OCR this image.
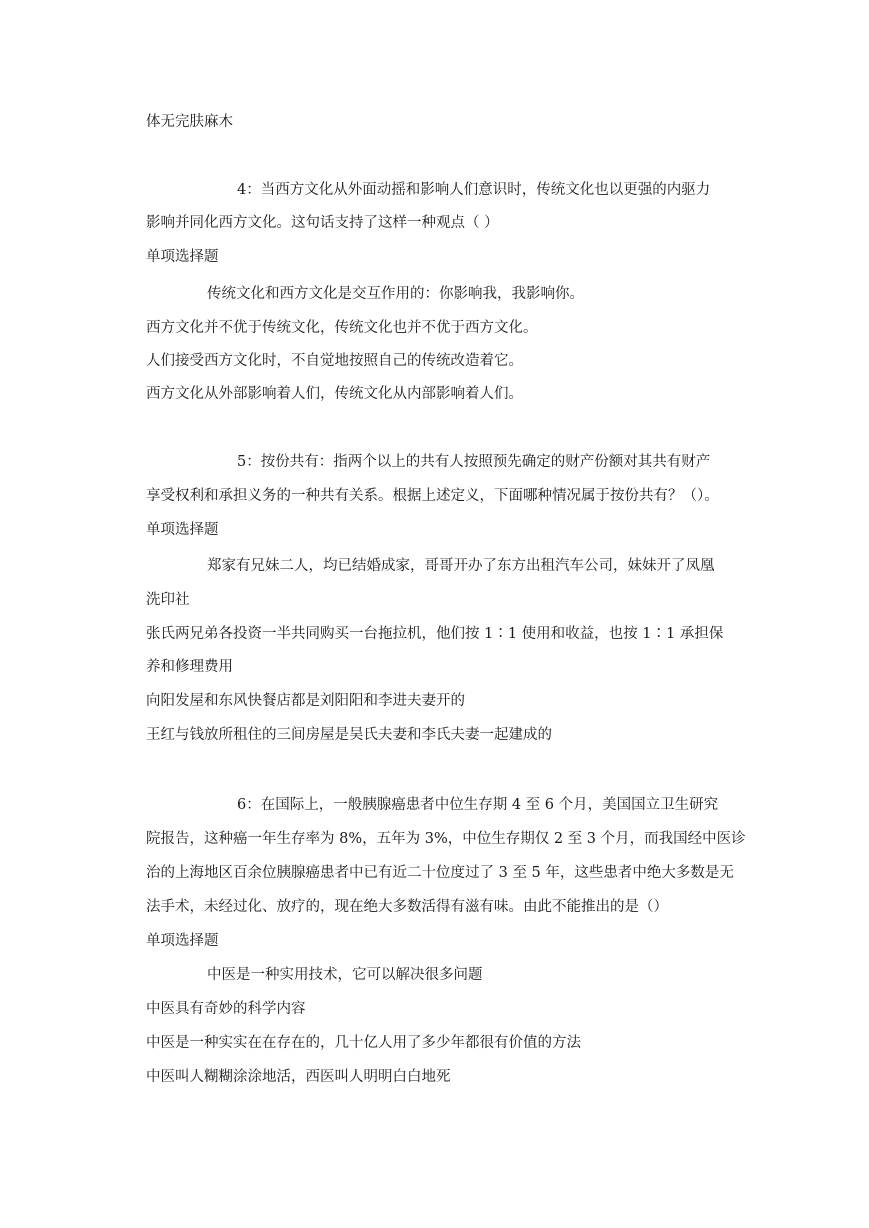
体无完肤麻木
4：当西方文化从外面动摇和影响人们意识时，传统文化也以更强的内驱力
影响并同化西方文化。这句话支持了这样一种观点（ ）
单项选择题
传统文化和西方文化是交互作用的：你影响我，我影响你。
西方文化并不优于传统文化，传统文化也并不优于西方文化。
人们接受西方文化时，不自觉地按照自己的传统改造着它。
西方文化从外部影响着人们，传统文化从内部影响着人们。
5：按份共有：指两个以上的共有人按照预先确定的财产份额对其共有财产
享受权利和承担义务的一种共有关系。根据上述定义，下面哪种情况属于按份共有？（）。
单项选择题
郑家有兄妹二人，均已结婚成家，哥哥开办了东方出租汽车公司，妹妹开了凤凰
洗印社
张氏两兄弟各投资一半共同购买一台拖拉机，他们按 1∶1 使用和收益，也按 1∶1 承担保
养和修理费用
向阳发屋和东风快餐店都是刘阳阳和李进夫妻开的
王红与钱放所租住的三间房屋是吴氏夫妻和李氏夫妻一起建成的
6：在国际上，一般胰腺癌患者中位生存期 4 至 6 个月，美国国立卫生研究
院报告，这种癌一年生存率为 8%，五年为 3%，中位生存期仅 2 至 3 个月，而我国经中医诊
治的上海地区百余位胰腺癌患者中已有近二十位度过了 3 至 5 年，这些患者中绝大多数是无
法手术，未经过化、放疗的，现在绝大多数活得有滋有味。由此不能推出的是（）
单项选择题
中医是一种实用技术，它可以解决很多问题
中医具有奇妙的科学内容
中医是一种实实在在存在的，几十亿人用了多少年都很有价值的方法
中医叫人糊糊涂涂地活，西医叫人明明白白地死
